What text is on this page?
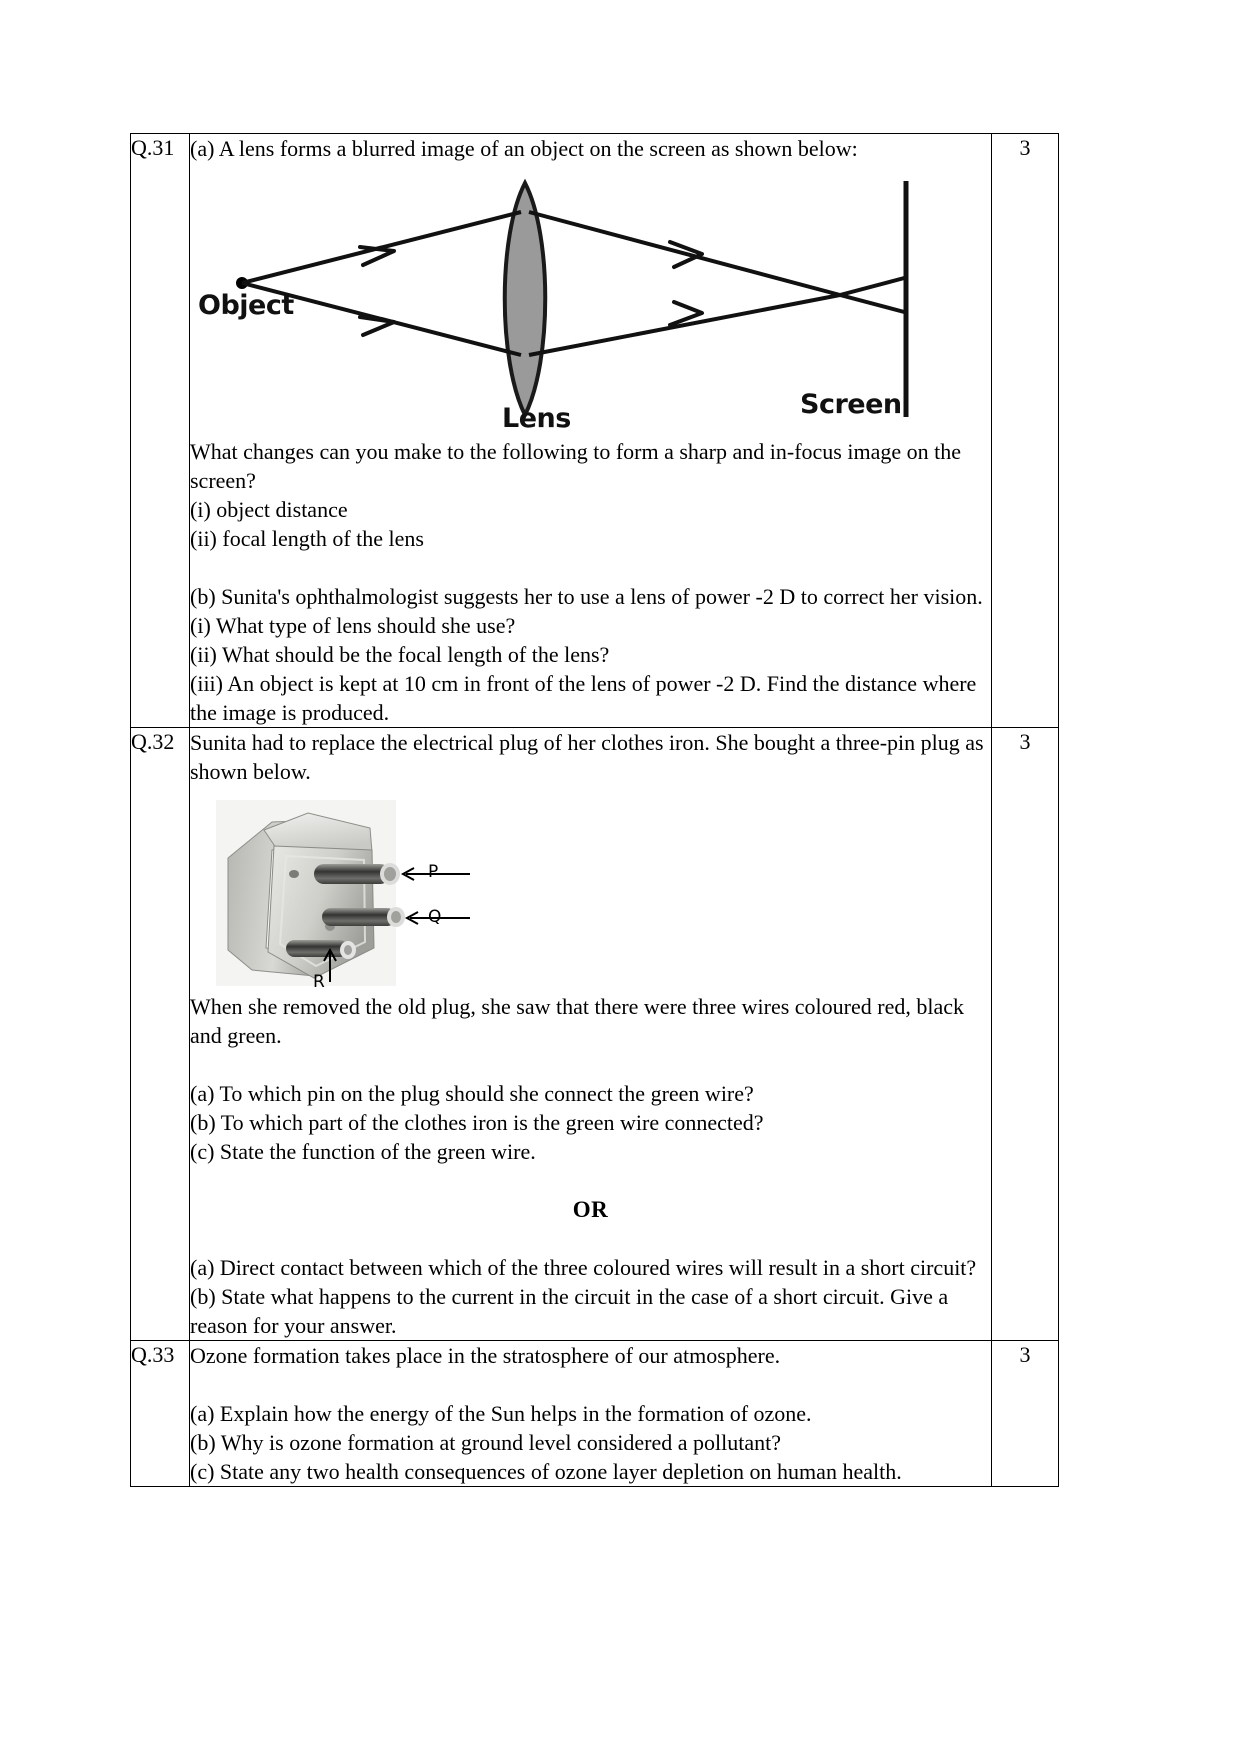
Q.31	(a) A lens forms a blurred image of an object on the screen as shown below:
Object
Lens	Screen
What changes can you make to the following to form a sharp and in-focus image on the screen?
(i) object distance
(ii) focal length of the lens
(b) Sunita's ophthalmologist suggests her to use a lens of power -2 D to correct her vision.
(i) What type of lens should she use?
(ii) What should be the focal length of the lens?
(iii) An object is kept at 10 cm in front of the lens of power -2 D. Find the distance where the image is produced.
	3
Q.32	Sunita had to replace the electrical plug of her clothes iron. She bought a three-pin plug as shown below.
P
Q
R
When she removed the old plug, she saw that there were three wires coloured red, black and green.
(a) To which pin on the plug should she connect the green wire?
(b) To which part of the clothes iron is the green wire connected?
(c) State the function of the green wire.
OR
(a) Direct contact between which of the three coloured wires will result in a short circuit?
(b) State what happens to the current in the circuit in the case of a short circuit. Give a reason for your answer.
	3
Q.33	Ozone formation takes place in the stratosphere of our atmosphere.
(a) Explain how the energy of the Sun helps in the formation of ozone.
(b) Why is ozone formation at ground level considered a pollutant?
(c) State any two health consequences of ozone layer depletion on human health.	3
